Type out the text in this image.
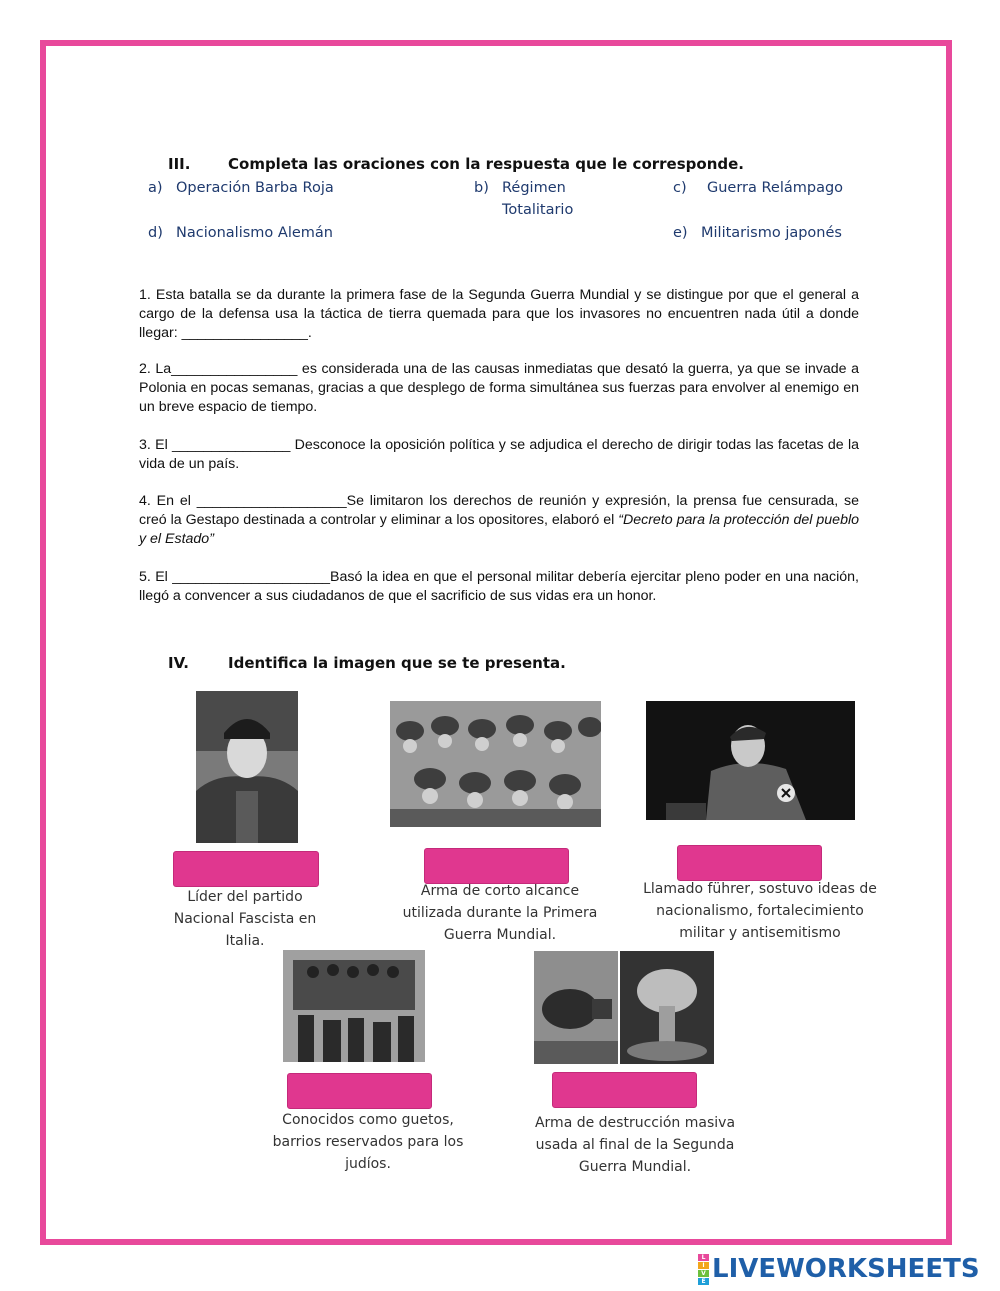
III.	Completa las oraciones con la respuesta que le corresponde.
a) Operación Barba Roja	b) Régimen Totalitario
c) Guerra Relámpago
d) Nacionalismo Alemán	e) Militarismo japonés
1. Esta batalla se da durante la primera fase de la Segunda Guerra Mundial y se distingue por que el general a cargo de la defensa usa la táctica de tierra quemada para que los invasores no encuentren nada útil a donde llegar: ________________.
2. La________________ es considerada una de las causas inmediatas que desató la guerra, ya que se invade a Polonia en pocas semanas, gracias a que desplego de forma simultánea sus fuerzas para envolver al enemigo en un breve espacio de tiempo.
3. El _______________ Desconoce la oposición política y se adjudica el derecho de dirigir todas las facetas de la vida de un país.
4. En el ___________________Se limitaron los derechos de reunión y expresión, la prensa fue censurada, se creó la Gestapo destinada a controlar y eliminar a los opositores, elaboró el “Decreto para la protección del pueblo y el Estado”
5. El ____________________Basó la idea en que el personal militar debería ejercitar pleno poder en una nación, llegó a convencer a sus ciudadanos de que el sacrificio de sus vidas era un honor.
IV.	Identifica la imagen que se te presenta.
Líder del partido Nacional Fascista en Italia.
Arma de corto alcance utilizada durante la Primera Guerra Mundial.
Llamado führer, sostuvo ideas de nacionalismo, fortalecimiento militar y antisemitismo
Conocidos como guetos, barrios reservados para los judíos.
Arma de destrucción masiva usada al final de la Segunda Guerra Mundial.
L
I
V
E LIVEWORKSHEETS
